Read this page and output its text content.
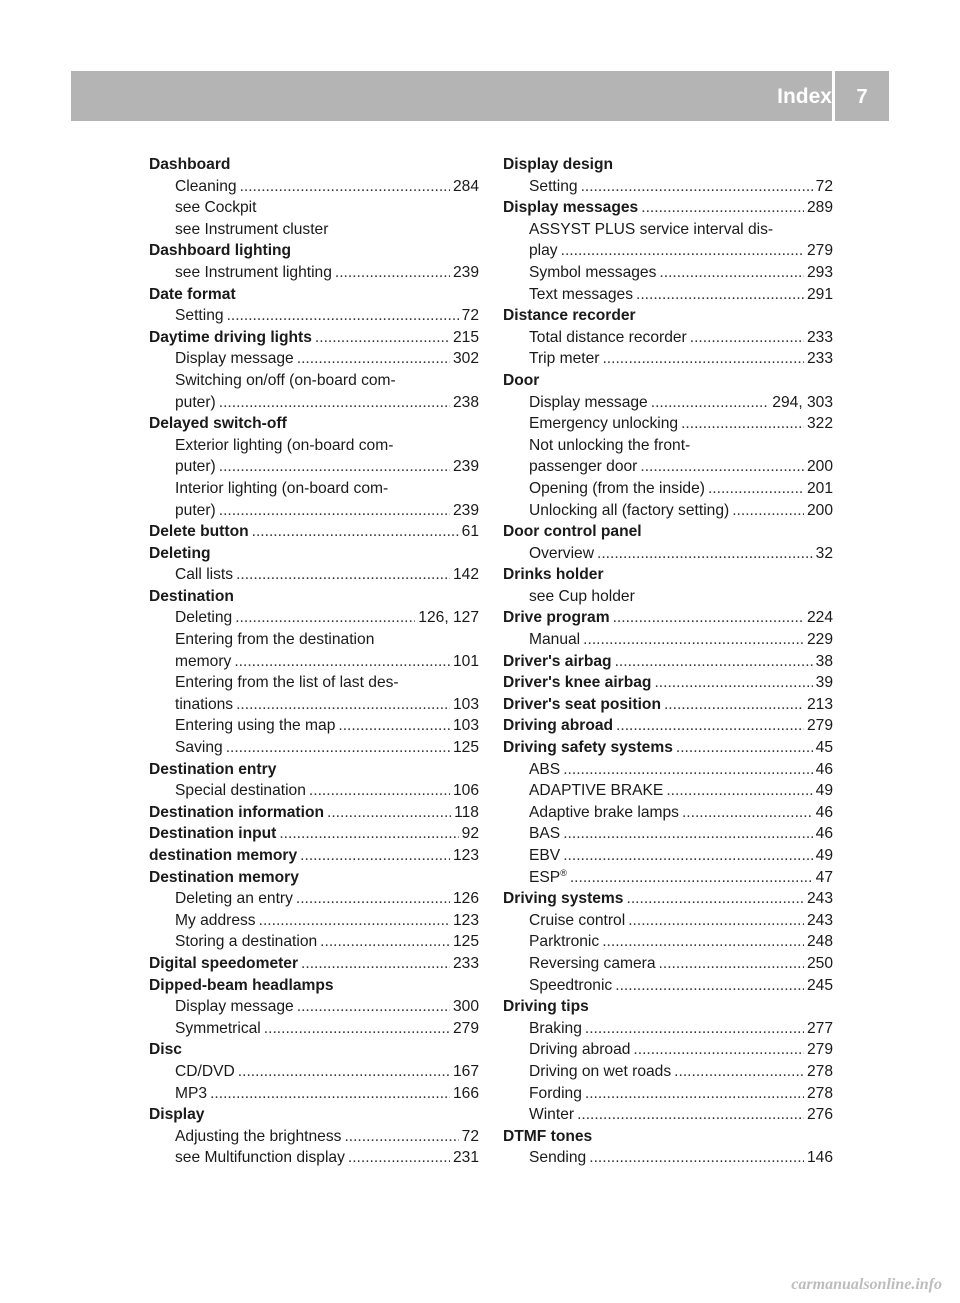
Index	7
Dashboard
Cleaning .....	284
see Cockpit
see Instrument cluster
Dashboard lighting
see Instrument lighting .....	239
Date format
Setting .....	72
Daytime driving lights .....	215
Display message .....	302
Switching on/off (on-board com-
puter) .....	238
Delayed switch-off
Exterior lighting (on-board com-
puter) .....	239
Interior lighting (on-board com-
puter) .....	239
Delete button .....	61
Deleting
Call lists .....	142
Destination
Deleting .....	126, 127
Entering from the destination
memory .....	101
Entering from the list of last des-
tinations .....	103
Entering using the map .....	103
Saving .....	125
Destination entry
Special destination .....	106
Destination information .....	118
Destination input .....	92
destination memory .....	123
Destination memory
Deleting an entry .....	126
My address .....	123
Storing a destination .....	125
Digital speedometer .....	233
Dipped-beam headlamps
Display message .....	300
Symmetrical .....	279
Disc
CD/DVD .....	167
MP3 .....	166
Display
Adjusting the brightness .....	72
see Multifunction display .....	231
Display design
Setting .....	72
Display messages .....	289
ASSYST PLUS service interval dis-
play .....	279
Symbol messages .....	293
Text messages .....	291
Distance recorder
Total distance recorder .....	233
Trip meter .....	233
Door
Display message .....	294, 303
Emergency unlocking .....	322
Not unlocking the front-
passenger door .....	200
Opening (from the inside) .....	201
Unlocking all (factory setting) .....	200
Door control panel
Overview .....	32
Drinks holder
see Cup holder
Drive program .....	224
Manual .....	229
Driver's airbag .....	38
Driver's knee airbag .....	39
Driver's seat position .....	213
Driving abroad .....	279
Driving safety systems .....	45
ABS .....	46
ADAPTIVE BRAKE .....	49
Adaptive brake lamps .....	46
BAS .....	46
EBV .....	49
ESP® .....	47
Driving systems .....	243
Cruise control .....	243
Parktronic .....	248
Reversing camera .....	250
Speedtronic .....	245
Driving tips
Braking .....	277
Driving abroad .....	279
Driving on wet roads .....	278
Fording .....	278
Winter .....	276
DTMF tones
Sending .....	146
carmanualsonline.info
